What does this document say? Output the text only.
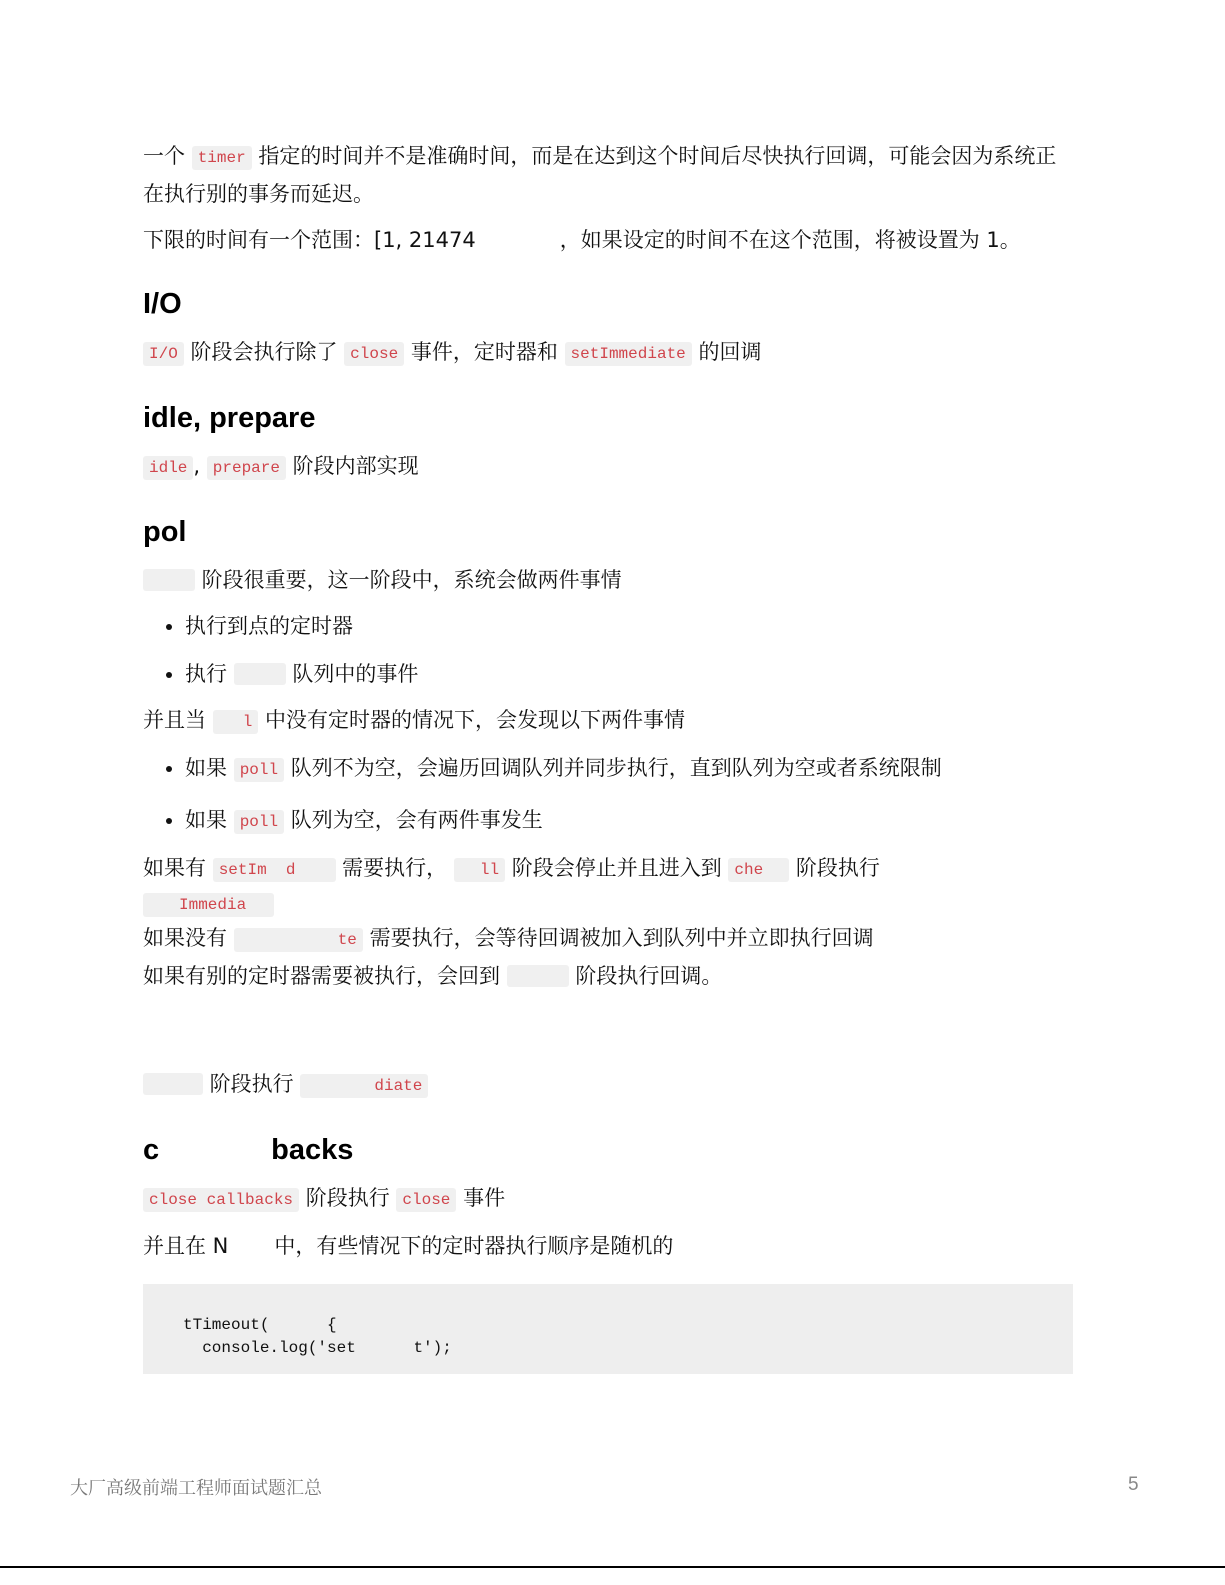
一个 timer 指定的时间并不是准确时间，而是在达到这个时间后尽快执行回调，可能会因为系统正在执行别的事务而延迟。

下限的时间有一个范围：[1, 21474	，如果设定的时间不在这个范围，将被设置为 1。

I/O

I/O 阶段会执行除了 close 事件，定时器和 setImmediate 的回调

idle, prepare

idle , prepare 阶段内部实现

pol

阶段很重要，这一阶段中，系统会做两件事情

• 执行到点的定时器
• 执行  队列中的事件

并且当 l 中没有定时器的情况下，会发现以下两件事情

• 如果 poll 队列不为空，会遍历回调队列并同步执行，直到队列为空或者系统限制
• 如果 poll 队列为空，会有两件事发生

如果有 setIm  d 需要执行， ll 阶段会停止并且进入到 che 阶段执行

Immedia

如果没有	te 需要执行，会等待回调被加入到队列中并立即执行回调

如果有别的定时器需要被执行，会回到	阶段执行回调。

阶段执行	diate

c	backs

close callbacks 阶段执行 close 事件

并且在 N 中，有些情况下的定时器执行顺序是随机的

tTimeout(      {
console.log('set      t');
大厂高级前端工程师面试题汇总	5
